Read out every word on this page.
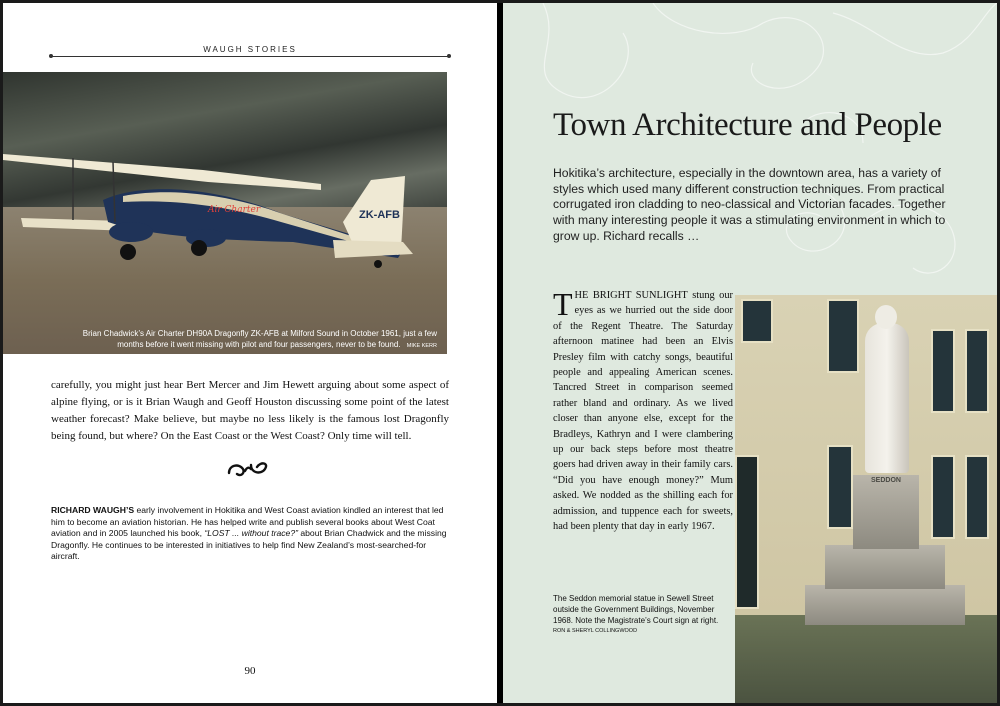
WAUGH STORIES
ZK-AFB
Air Charter
Brian Chadwick’s Air Charter DH90A Dragonfly ZK-AFB at Milford Sound in October 1961, just a few months before it went missing with pilot and four passengers, never to be found. MIKE KERR
carefully, you might just hear Bert Mercer and Jim Hewett arguing about some aspect of alpine flying, or is it Brian Waugh and Geoff Houston discussing some point of the latest weather forecast? Make believe, but maybe no less likely is the famous lost Dragonfly being found, but where? On the East Coast or the West Coast? Only time will tell.
RICHARD WAUGH’S early involvement in Hokitika and West Coast aviation kindled an interest that led him to become an aviation historian. He has helped write and publish several books about West Coat aviation and in 2005 launched his book, “LOST ... without trace?” about Brian Chadwick and the missing Dragonfly. He continues to be interested in initiatives to help find New Zealand’s most-searched-for aircraft.
90
Town Architecture and People
Hokitika’s architecture, especially in the downtown area, has a variety of styles which used many different construction techniques. From practical corrugated iron cladding to neo-classical and Victorian facades. Together with many interesting people it was a stimulating environment in which to grow up. Richard recalls …
THE BRIGHT SUNLIGHT stung our eyes as we hurried out the side door of the Regent Theatre. The Saturday afternoon matinee had been an Elvis Presley film with catchy songs, beautiful people and appealing American scenes. Tancred Street in comparison seemed rather bland and ordinary. As we lived closer than anyone else, except for the Bradleys, Kathryn and I were clambering up our back steps before most theatre goers had driven away in their family cars. “Did you have enough money?” Mum asked. We nodded as the shilling each for admission, and tuppence each for sweets, had been plenty that day in early 1967.
The Seddon memorial statue in Sewell Street outside the Government Buildings, November 1968. Note the Magistrate’s Court sign at right.
RON & SHERYL COLLINGWOOD
SEDDON
